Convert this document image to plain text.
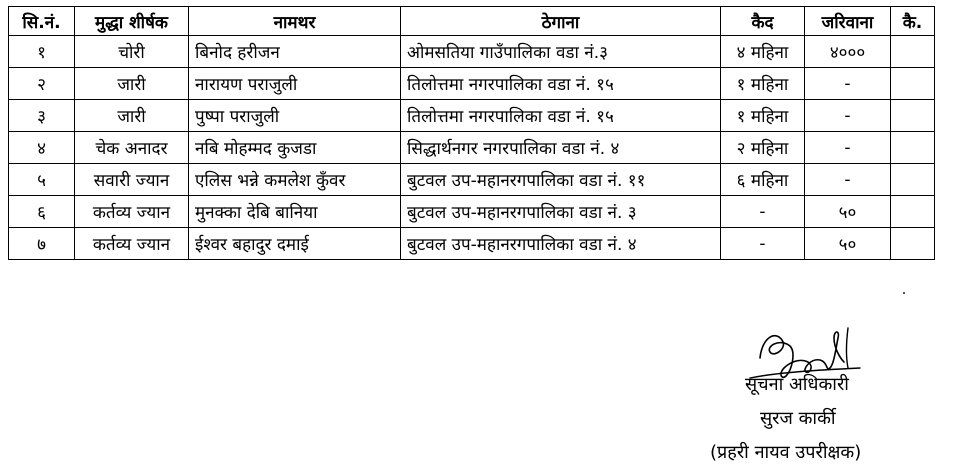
सि.नं.	मुद्धा शीर्षक	नामथर	ठेगाना	कैद	जरिवाना	कै.
१	चोरी	बिनोद हरीजन	ओमसतिया गाउँपालिका वडा नं.३	४ महिना	४०००	
२	जारी	नारायण पराजुली	तिलोत्तमा नगरपालिका वडा नं. १५	१ महिना	-	
३	जारी	पुष्पा पराजुली	तिलोत्तमा नगरपालिका वडा नं. १५	१ महिना	-	
४	चेक अनादर	नबि मोहम्मद कुजडा	सिद्धार्थनगर नगरपालिका वडा नं. ४	२ महिना	-	
५	सवारी ज्यान	एलिस भन्ने कमलेश कुँवर	बुटवल उप-महानरगपालिका वडा नं. ११	६ महिना	-	
६	कर्तव्य ज्यान	मुनक्का देबि बानिया	बुटवल उप-महानरगपालिका वडा नं. ३	-	५०	
७	कर्तव्य ज्यान	ईश्वर बहादुर दमाई	बुटवल उप-महानरगपालिका वडा नं. ४	-	५०	
सूचना अधिकारी
सुरज कार्की
(प्रहरी नायव उपरीक्षक)
